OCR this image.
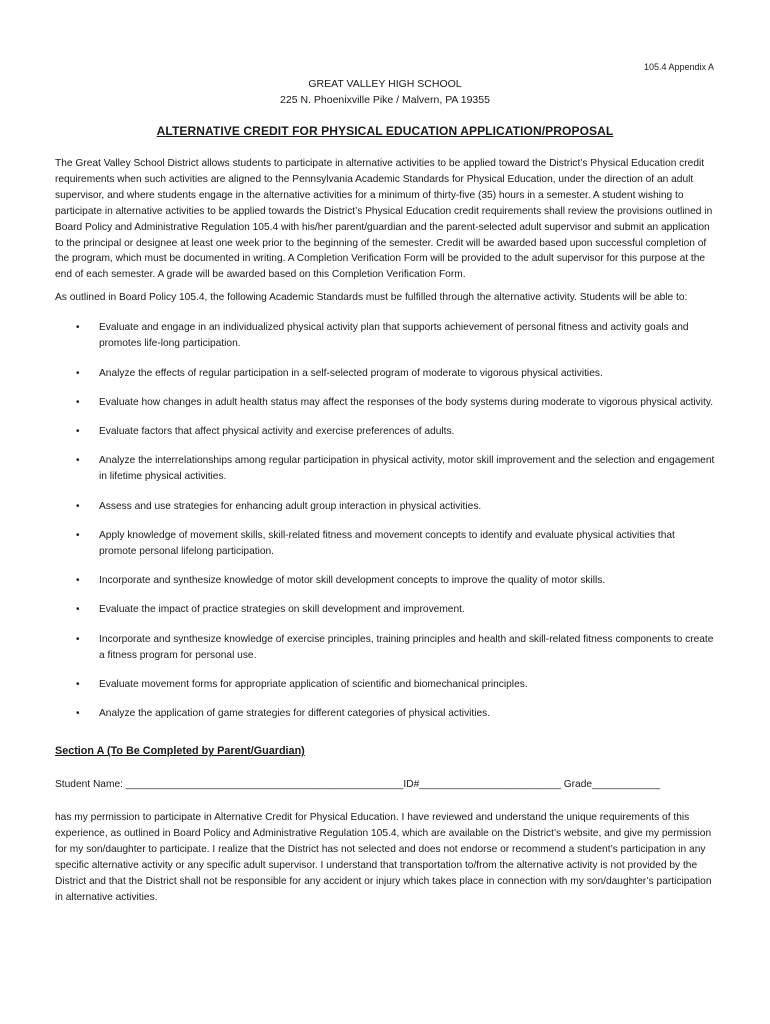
105.4 Appendix A
GREAT VALLEY HIGH SCHOOL
225 N. Phoenixville Pike / Malvern, PA 19355
ALTERNATIVE CREDIT FOR PHYSICAL EDUCATION APPLICATION/PROPOSAL

The Great Valley School District allows students to participate in alternative activities to be applied toward the District’s Physical Education credit requirements when such activities are aligned to the Pennsylvania Academic Standards for Physical Education, under the direction of an adult supervisor, and where students engage in the alternative activities for a minimum of thirty-five (35) hours in a semester. A student wishing to participate in alternative activities to be applied towards the District’s Physical Education credit requirements shall review the provisions outlined in Board Policy and Administrative Regulation 105.4 with his/her parent/guardian and the parent-selected adult supervisor and submit an application to the principal or designee at least one week prior to the beginning of the semester. Credit will be awarded based upon successful completion of the program, which must be documented in writing. A Completion Verification Form will be provided to the adult supervisor for this purpose at the end of each semester. A grade will be awarded based on this Completion Verification Form.

As outlined in Board Policy 105.4, the following Academic Standards must be fulfilled through the alternative activity. Students will be able to:

• Evaluate and engage in an individualized physical activity plan that supports achievement of personal fitness and activity goals and promotes life-long participation.
• Analyze the effects of regular participation in a self-selected program of moderate to vigorous physical activities.
• Evaluate how changes in adult health status may affect the responses of the body systems during moderate to vigorous physical activity.
• Evaluate factors that affect physical activity and exercise preferences of adults.
• Analyze the interrelationships among regular participation in physical activity, motor skill improvement and the selection and engagement in lifetime physical activities.
• Assess and use strategies for enhancing adult group interaction in physical activities.
• Apply knowledge of movement skills, skill-related fitness and movement concepts to identify and evaluate physical activities that promote personal lifelong participation.
• Incorporate and synthesize knowledge of motor skill development concepts to improve the quality of motor skills.
• Evaluate the impact of practice strategies on skill development and improvement.
• Incorporate and synthesize knowledge of exercise principles, training principles and health and skill-related fitness components to create a fitness program for personal use.
• Evaluate movement forms for appropriate application of scientific and biomechanical principles.
• Analyze the application of game strategies for different categories of physical activities.
Section A (To Be Completed by Parent/Guardian)
Student Name: _________________________________________________ID#_________________________ Grade____________
has my permission to participate in Alternative Credit for Physical Education. I have reviewed and understand the unique requirements of this experience, as outlined in Board Policy and Administrative Regulation 105.4, which are available on the District’s website, and give my permission for my son/daughter to participate. I realize that the District has not selected and does not endorse or recommend a student’s participation in any specific alternative activity or any specific adult supervisor. I understand that transportation to/from the alternative activity is not provided by the District and that the District shall not be responsible for any accident or injury which takes place in connection with my son/daughter’s participation in alternative activities.
